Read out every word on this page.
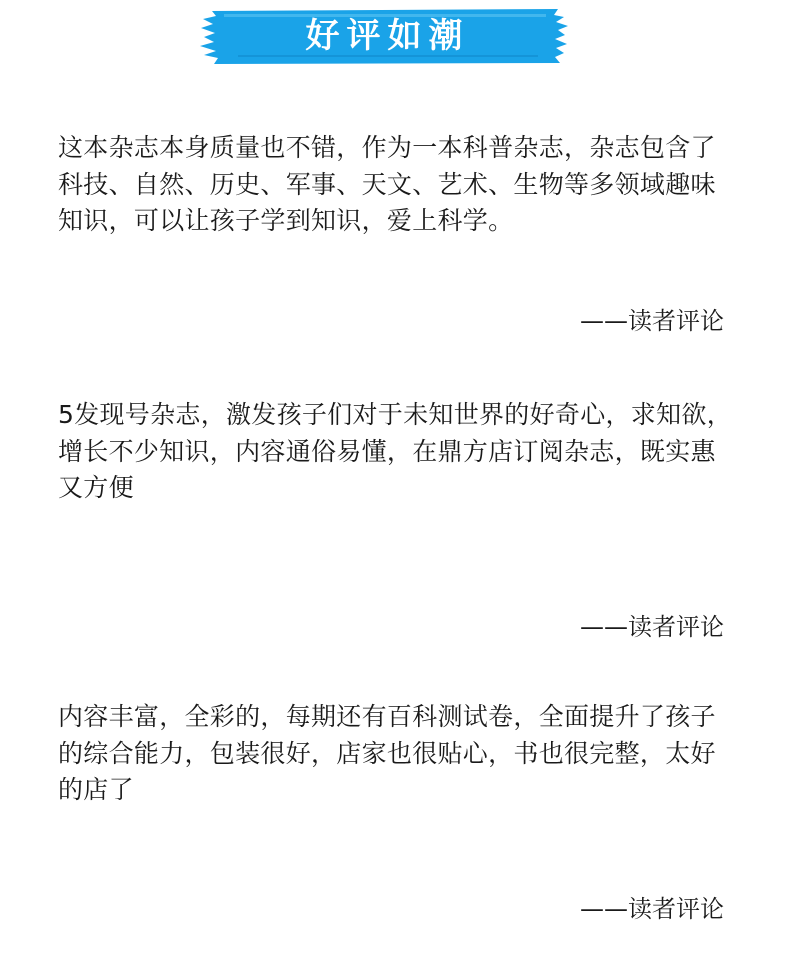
好评如潮

这本杂志本身质量也不错，作为一本科普杂志，杂志包含了科技、自然、历史、军事、天文、艺术、生物等多领域趣味知识，可以让孩子学到知识，爱上科学。

——读者评论

5发现号杂志，激发孩子们对于未知世界的好奇心，求知欲，增长不少知识，内容通俗易懂，在鼎方店订阅杂志，既实惠又方便

——读者评论

内容丰富，全彩的，每期还有百科测试卷，全面提升了孩子的综合能力，包装很好，店家也很贴心，书也很完整，太好的店了

——读者评论
